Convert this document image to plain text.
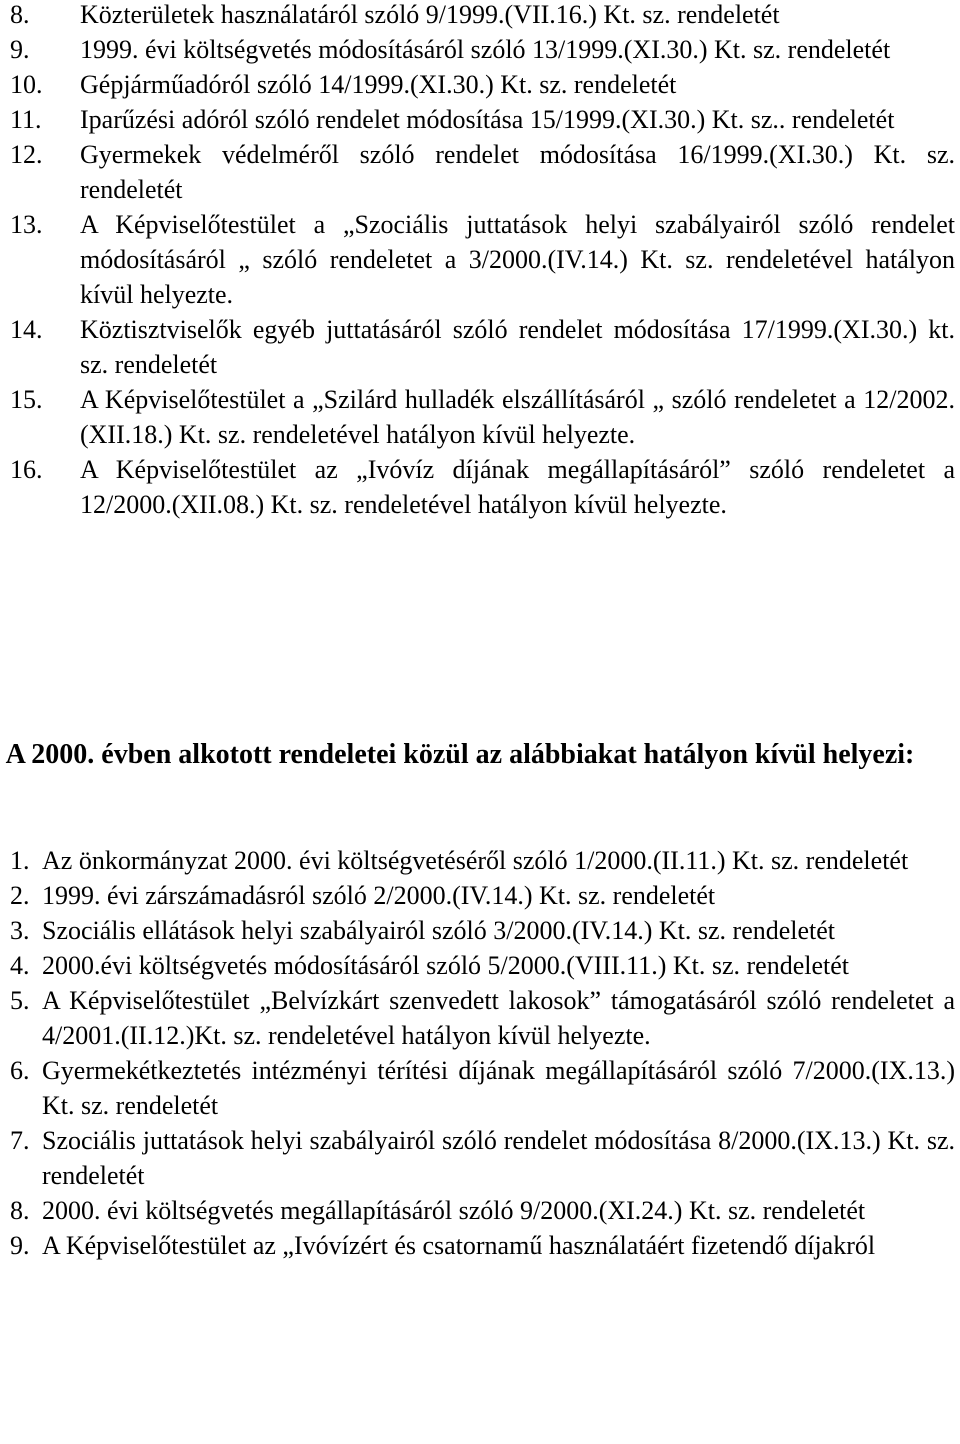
8.	Közterületek használatáról szóló 9/1999.(VII.16.) Kt. sz. rendeletét
9.	1999. évi költségvetés módosításáról szóló 13/1999.(XI.30.) Kt. sz. rendeletét
10.	Gépjárműadóról szóló 14/1999.(XI.30.) Kt. sz. rendeletét
11.	Iparűzési adóról szóló rendelet módosítása 15/1999.(XI.30.) Kt. sz.. rendeletét
12.	Gyermekek védelméről szóló rendelet módosítása 16/1999.(XI.30.) Kt. sz. rendeletét
13.	A Képviselőtestület a „Szociális juttatások helyi szabályairól szóló rendelet módosításáról „ szóló rendeletet a 3/2000.(IV.14.) Kt. sz. rendeletével hatályon kívül helyezte.
14.	Köztisztviselők egyéb juttatásáról szóló rendelet módosítása 17/1999.(XI.30.) kt. sz. rendeletét
15.	A Képviselőtestület a „Szilárd hulladék elszállításáról „ szóló rendeletet a 12/2002.(XII.18.) Kt. sz. rendeletével hatályon kívül helyezte.
16.	A Képviselőtestület az „Ivóvíz díjának megállapításáról” szóló rendeletet a 12/2000.(XII.08.) Kt. sz. rendeletével hatályon kívül helyezte.
A 2000. évben alkotott rendeletei közül az alábbiakat hatályon kívül helyezi:
1. Az önkormányzat 2000. évi költségvetéséről szóló 1/2000.(II.11.) Kt. sz. rendeletét
2. 1999. évi zárszámadásról szóló 2/2000.(IV.14.) Kt. sz. rendeletét
3. Szociális ellátások helyi szabályairól szóló 3/2000.(IV.14.) Kt. sz. rendeletét
4. 2000.évi költségvetés módosításáról szóló 5/2000.(VIII.11.) Kt. sz. rendeletét
5. A Képviselőtestület „Belvízkárt szenvedett lakosok” támogatásáról szóló rendeletet a 4/2001.(II.12.)Kt. sz. rendeletével hatályon kívül helyezte.
6. Gyermekétkeztetés intézményi térítési díjának megállapításáról szóló 7/2000.(IX.13.) Kt. sz. rendeletét
7. Szociális juttatások helyi szabályairól szóló rendelet módosítása 8/2000.(IX.13.) Kt. sz. rendeletét
8. 2000. évi költségvetés megállapításáról szóló 9/2000.(XI.24.) Kt. sz. rendeletét
9. A Képviselőtestület az „Ivóvízért és csatornamű használatáért fizetendő díjakról
